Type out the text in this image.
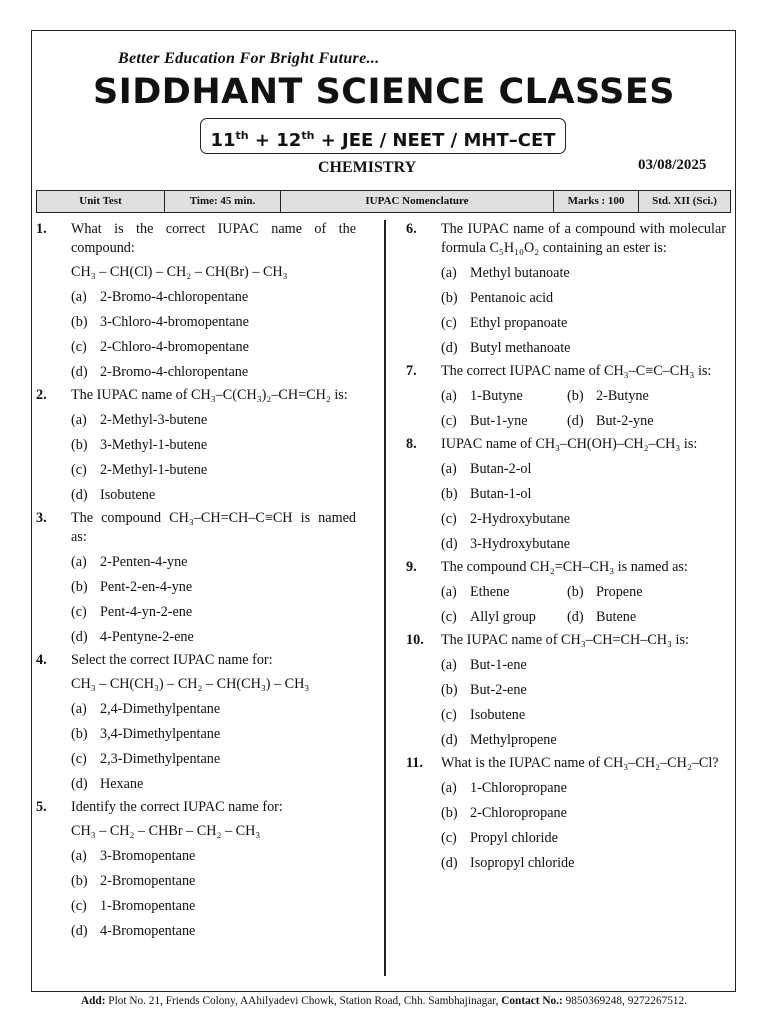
Better Education For Bright Future...
SIDDHANT SCIENCE CLASSES
11th + 12th + JEE / NEET / MHT–CET
CHEMISTRY	03/08/2025
Unit Test	Time: 45 min.	IUPAC Nomenclature	Marks : 100	Std. XII (Sci.)
1.	What is the correct IUPAC name of the compound:
CH₃ – CH(Cl) – CH₂ – CH(Br) – CH₃
(a) 2-Bromo-4-chloropentane
(b) 3-Chloro-4-bromopentane
(c) 2-Chloro-4-bromopentane
(d) 2-Bromo-4-chloropentane
2.	The IUPAC name of CH₃–C(CH₃)₂–CH=CH₂ is:
(a) 2-Methyl-3-butene
(b) 3-Methyl-1-butene
(c) 2-Methyl-1-butene
(d) Isobutene
3.	The compound CH₃–CH=CH–C≡CH is named as:
(a) 2-Penten-4-yne
(b) Pent-2-en-4-yne
(c) Pent-4-yn-2-ene
(d) 4-Pentyne-2-ene
4.	Select the correct IUPAC name for:
CH₃ – CH(CH₃) – CH₂ – CH(CH₃) – CH₃
(a) 2,4-Dimethylpentane
(b) 3,4-Dimethylpentane
(c) 2,3-Dimethylpentane
(d) Hexane
5.	Identify the correct IUPAC name for:
CH₃ – CH₂ – CHBr – CH₂ – CH₃
(a) 3-Bromopentane
(b) 2-Bromopentane
(c) 1-Bromopentane
(d) 4-Bromopentane
6.	The IUPAC name of a compound with molecular formula C₅H₁₀O₂ containing an ester is:
(a) Methyl butanoate
(b) Pentanoic acid
(c) Ethyl propanoate
(d) Butyl methanoate
7.	The correct IUPAC name of CH₃–C≡C–CH₃ is:
(a) 1-Butyne	(b) 2-Butyne
(c) But-1-yne	(d) But-2-yne
8.	IUPAC name of CH₃–CH(OH)–CH₂–CH₃ is:
(a) Butan-2-ol
(b) Butan-1-ol
(c) 2-Hydroxybutane
(d) 3-Hydroxybutane
9.	The compound CH₂=CH–CH₃ is named as:
(a) Ethene	(b) Propene
(c) Allyl group (d) Butene
10.	The IUPAC name of CH₃–CH=CH–CH₃ is:
(a) But-1-ene
(b) But-2-ene
(c) Isobutene
(d) Methylpropene
11.	What is the IUPAC name of CH₃–CH₂–CH₂–Cl?
(a) 1-Chloropropane
(b) 2-Chloropropane
(c) Propyl chloride
(d) Isopropyl chloride
Add: Plot No. 21, Friends Colony, AAhilyadevi Chowk, Station Road, Chh. Sambhajinagar, Contact No.: 9850369248, 9272267512.
